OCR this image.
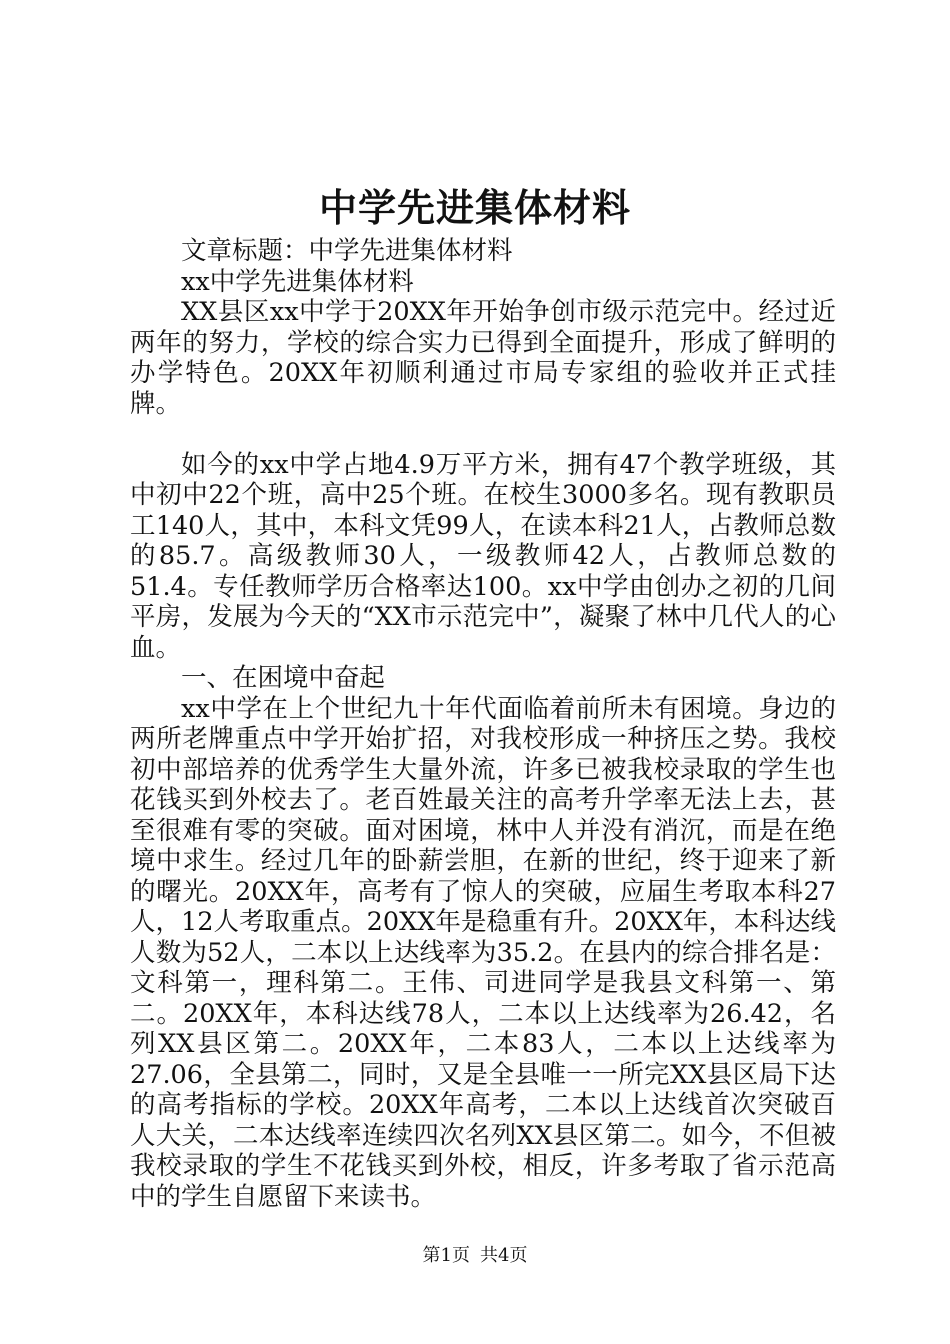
中学先进集体材料

文章标题：中学先进集体材料

xx中学先进集体材料

XX县区xx中学于20XX年开始争创市级示范完中。经过近两年的努力，学校的综合实力已得到全面提升，形成了鲜明的办学特色。20XX年初顺利通过市局专家组的验收并正式挂牌。

如今的xx中学占地4.9万平方米，拥有47个教学班级，其中初中22个班，高中25个班。在校生3000多名。现有教职员工140人，其中，本科文凭99人，在读本科21人，占教师总数的85.7。高级教师30人，一级教师42人，占教师总数的51.4。专任教师学历合格率达100。xx中学由创办之初的几间平房，发展为今天的“XX市示范完中”，凝聚了林中几代人的心血。

一、在困境中奋起

xx中学在上个世纪九十年代面临着前所未有困境。身边的两所老牌重点中学开始扩招，对我校形成一种挤压之势。我校初中部培养的优秀学生大量外流，许多已被我校录取的学生也花钱买到外校去了。老百姓最关注的高考升学率无法上去，甚至很难有零的突破。面对困境，林中人并没有消沉，而是在绝境中求生。经过几年的卧薪尝胆，在新的世纪，终于迎来了新的曙光。20XX年，高考有了惊人的突破，应届生考取本科27人，12人考取重点。20XX年是稳重有升。20XX年，本科达线人数为52人，二本以上达线率为35.2。在县内的综合排名是：文科第一，理科第二。王伟、司进同学是我县文科第一、第二。20XX年，本科达线78人，二本以上达线率为26.42，名列XX县区第二。20XX年，二本83人，二本以上达线率为27.06，全县第二，同时，又是全县唯一一所完XX县区局下达的高考指标的学校。20XX年高考，二本以上达线首次突破百人大关，二本达线率连续四次名列XX县区第二。如今，不但被我校录取的学生不花钱买到外校，相反，许多考取了省示范高中的学生自愿留下来读书。

第1页 共4页
